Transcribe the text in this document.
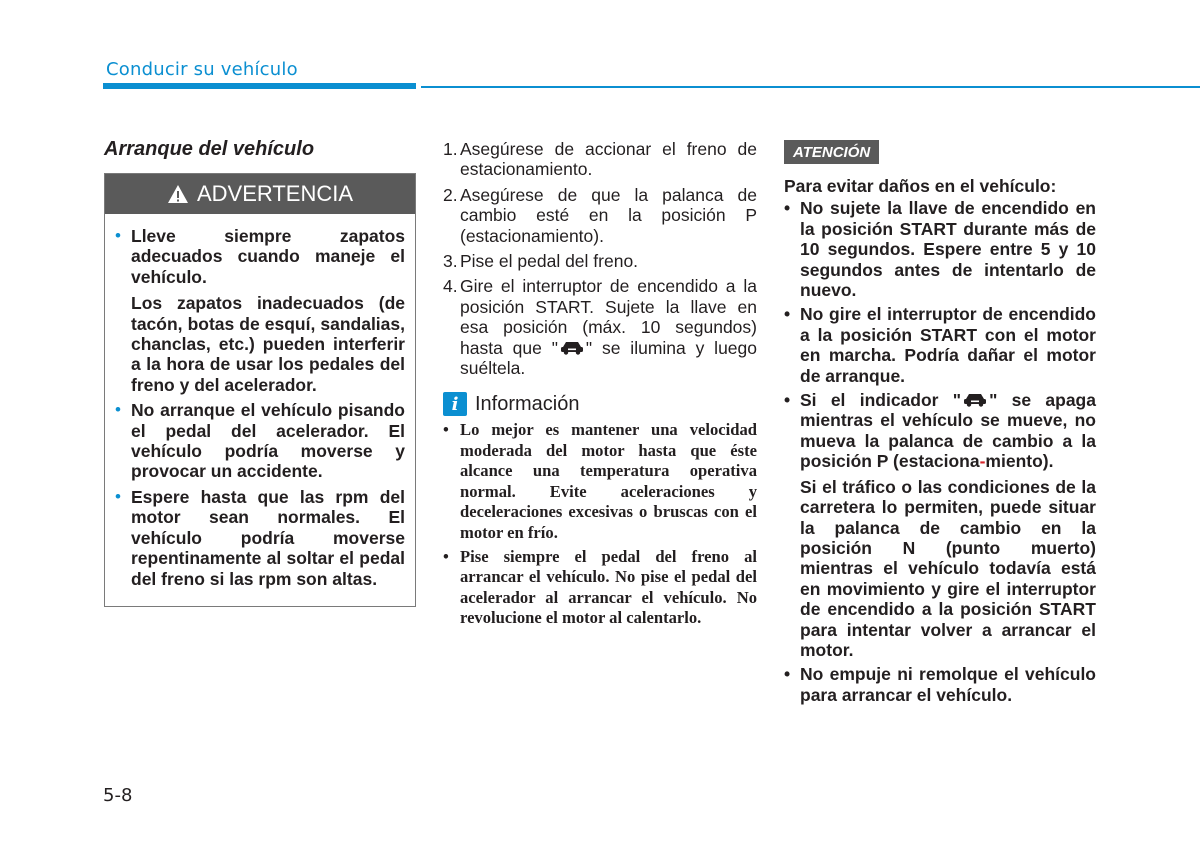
Conducir su vehículo
Arranque del vehículo
ADVERTENCIA
• Lleve siempre zapatos adecuados cuando maneje el vehículo.
Los zapatos inadecuados (de tacón, botas de esquí, sandalias, chanclas, etc.) pueden interferir a la hora de usar los pedales del freno y del acelerador.
• No arranque el vehículo pisando el pedal del acelerador. El vehículo podría moverse y provocar un accidente.
• Espere hasta que las rpm del motor sean normales. El vehículo podría moverse repentinamente al soltar el pedal del freno si las rpm son altas.
1. Asegúrese de accionar el freno de estacionamiento.
2. Asegúrese de que la palanca de cambio esté en la posición P (estacionamiento).
3. Pise el pedal del freno.
4. Gire el interruptor de encendido a la posición START. Sujete la llave en esa posición (máx. 10 segundos) hasta que " " se ilumina y luego suéltela.
i Información
• Lo mejor es mantener una velocidad moderada del motor hasta que éste alcance una temperatura operativa normal. Evite aceleraciones y deceleraciones excesivas o bruscas con el motor en frío.
• Pise siempre el pedal del freno al arrancar el vehículo. No pise el pedal del acelerador al arrancar el vehículo. No revolucione el motor al calentarlo.
ATENCIÓN
Para evitar daños en el vehículo:
• No sujete la llave de encendido en la posición START durante más de 10 segundos. Espere entre 5 y 10 segundos antes de intentarlo de nuevo.
• No gire el interruptor de encendido a la posición START con el motor en marcha. Podría dañar el motor de arranque.
• Si el indicador " " se apaga mientras el vehículo se mueve, no mueva la palanca de cambio a la posición P (estaciona-miento).
Si el tráfico o las condiciones de la carretera lo permiten, puede situar la palanca de cambio en la posición N (punto muerto) mientras el vehículo todavía está en movimiento y gire el interruptor de encendido a la posición START para intentar volver a arrancar el motor.
• No empuje ni remolque el vehículo para arrancar el vehículo.
5-8
